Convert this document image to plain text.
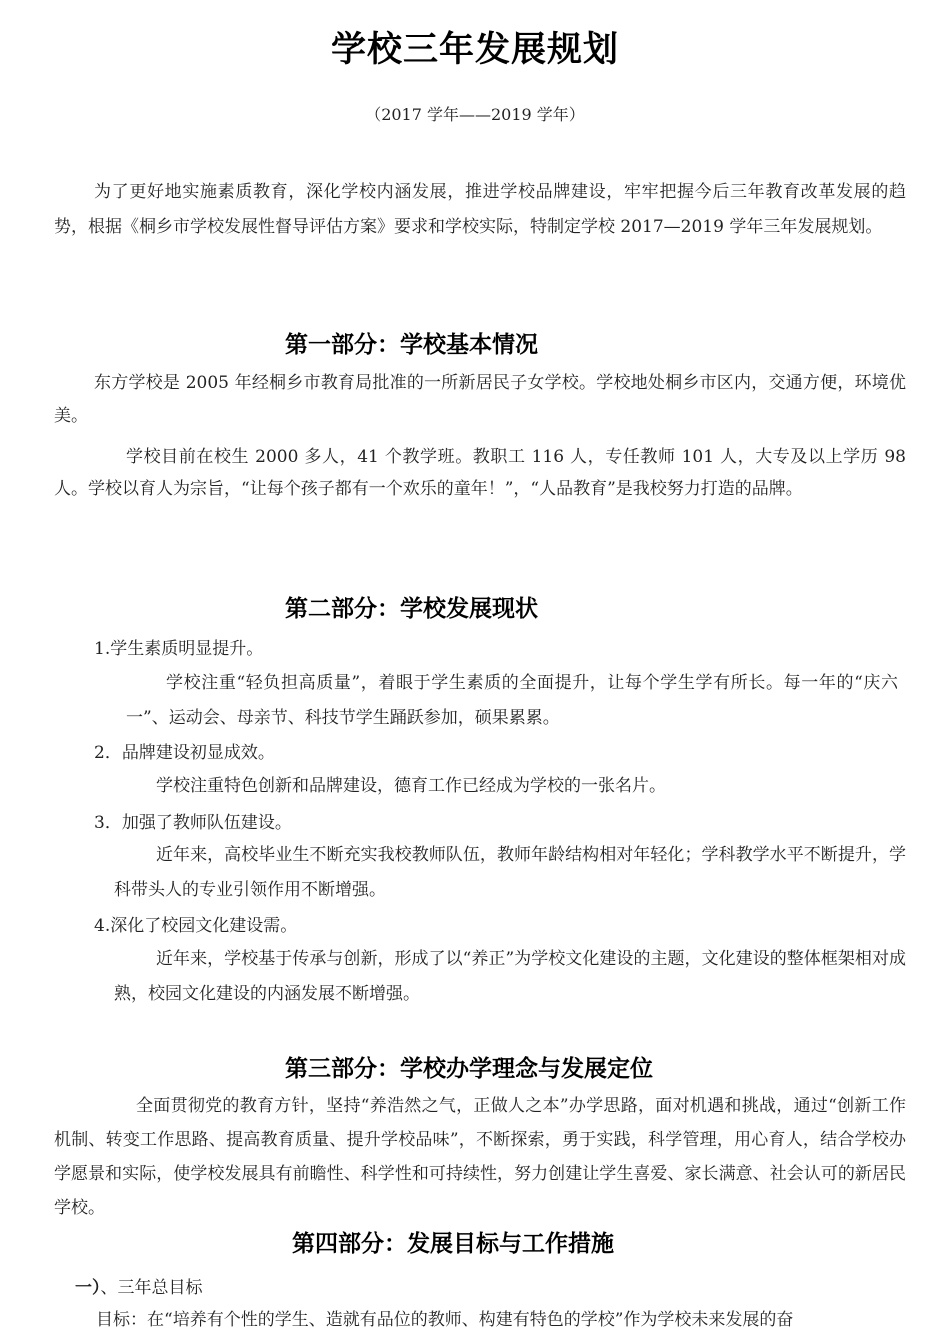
学校三年发展规划
（2017 学年——2019 学年）
为了更好地实施素质教育，深化学校内涵发展，推进学校品牌建设，牢牢把握今后三年教育改革发展的趋势，根据《桐乡市学校发展性督导评估方案》要求和学校实际，特制定学校 2017—2019 学年三年发展规划。
第一部分：学校基本情况
东方学校是 2005 年经桐乡市教育局批准的一所新居民子女学校。学校地处桐乡市区内，交通方便，环境优美。
学校目前在校生 2000 多人，41 个教学班。教职工 116 人，专任教师 101 人，大专及以上学历 98 人。学校以育人为宗旨，“让每个孩子都有一个欢乐的童年！”，“人品教育”是我校努力打造的品牌。
第二部分：学校发展现状
1.学生素质明显提升。
学校注重“轻负担高质量”，着眼于学生素质的全面提升，让每个学生学有所长。每一年的“庆六一”、运动会、母亲节、科技节学生踊跃参加，硕果累累。
2．品牌建设初显成效。
学校注重特色创新和品牌建设，德育工作已经成为学校的一张名片。
3．加强了教师队伍建设。
近年来，高校毕业生不断充实我校教师队伍，教师年龄结构相对年轻化；学科教学水平不断提升，学科带头人的专业引领作用不断增强。
4.深化了校园文化建设需。
近年来，学校基于传承与创新，形成了以“养正”为学校文化建设的主题，文化建设的整体框架相对成熟，校园文化建设的内涵发展不断增强。
第三部分：学校办学理念与发展定位
全面贯彻党的教育方针，坚持“养浩然之气，正做人之本”办学思路，面对机遇和挑战，通过“创新工作机制、转变工作思路、提高教育质量、提升学校品味”，不断探索，勇于实践，科学管理，用心育人，结合学校办学愿景和实际，使学校发展具有前瞻性、科学性和可持续性，努力创建让学生喜爱、家长满意、社会认可的新居民学校。
第四部分：发展目标与工作措施
一）、三年总目标
目标：在“培养有个性的学生、造就有品位的教师、构建有特色的学校”作为学校未来发展的奋
